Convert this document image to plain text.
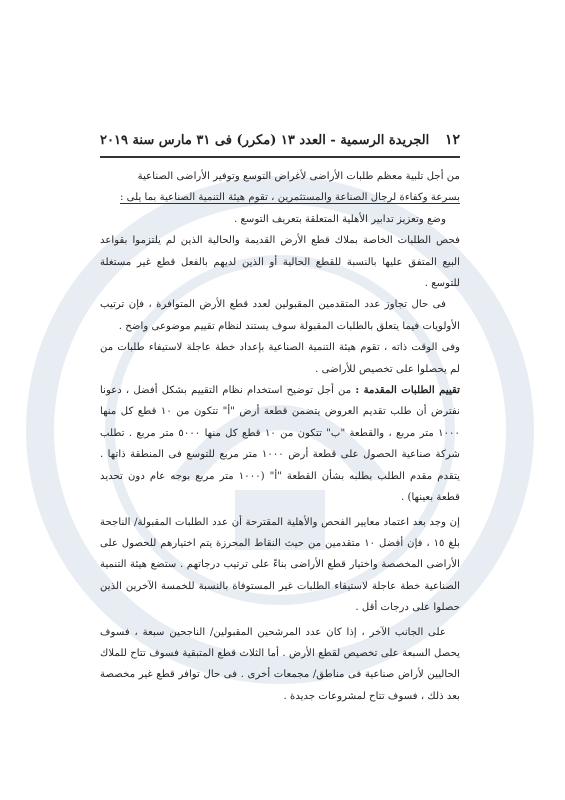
١٢
الجريدة الرسمية - العدد ١٣ (مكرر) فى ٣١ مارس سنة ٢٠١٩

من أجل تلبية معظم طلبات الأراضى لأغراض التوسع وتوفير الأراضى الصناعية

بسرعة وكفاءة لرجال الصناعة والمستثمرين ، تقوم هيئة التنمية الصناعية بما يلى :

وضع وتعزيز تدابير الأهلية المتعلقة بتعريف التوسع .

فحص الطلبات الخاصة بملاك قطع الأرض القديمة والحالية الذين لم يلتزموا بقواعد البيع المتفق عليها بالنسبة للقطع الحالية أو الذين لديهم بالفعل قطع غير مستغلة للتوسع .

فى حال تجاوز عدد المتقدمين المقبولين لعدد قطع الأرض المتوافرة ، فإن ترتيب الأولويات فيما يتعلق بالطلبات المقبولة سوف يستند لنظام تقييم موضوعى واضح .

وفى الوقت ذاته ، تقوم هيئة التنمية الصناعية بإعداد خطة عاجلة لاستيفاء طلبات من لم يحصلوا على تخصيص للأراضى .

تقييم الطلبات المقدمة : من أجل توضيح استخدام نظام التقييم بشكل أفضل ، دعونا نفترض أن طلب تقديم العروض يتضمن قطعة أرض "أ" تتكون من ١٠ قطع كل منها ١٠٠٠ متر مربع ، والقطعة "ب" تتكون من ١٠ قطع كل منها ٥٠٠٠ متر مربع . تطلب شركة صناعية الحصول على قطعة أرض ١٠٠٠ متر مربع للتوسع فى المنطقة ذاتها . يتقدم مقدم الطلب بطلبه بشأن القطعة "أ" (١٠٠٠ متر مربع بوجه عام دون تحديد قطعة بعينها) .

إن وجد بعد اعتماد معايير الفحص والأهلية المقترحة أن عدد الطلبات المقبولة/ الناجحة بلغ ١٥ ، فإن أفضل ١٠ متقدمين من حيث النقاط المحرزة يتم اختيارهم للحصول على الأراضى المخصصة واختيار قطع الأراضى بناءً على ترتيب درجاتهم . ستضع هيئة التنمية الصناعية خطة عاجلة لاستيفاء الطلبات غير المستوفاة بالنسبة للخمسة الآخرين الذين حصلوا على درجات أقل .

على الجانب الآخر ، إذا كان عدد المرشحين المقبولين/ الناجحين سبعة ، فسوف يحصل السبعة على تخصيص لقطع الأرض . أما الثلاث قطع المتبقية فسوف تتاح للملاك الحاليين لأراض صناعية فى مناطق/ مجمعات أخرى . فى حال توافر قطع غير مخصصة بعد ذلك ، فسوف تتاح لمشروعات جديدة .
